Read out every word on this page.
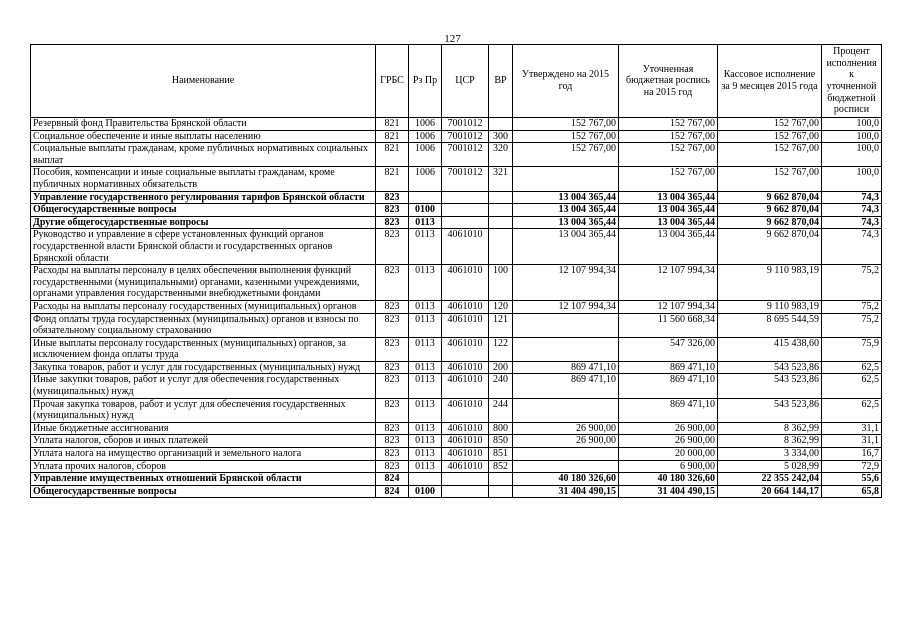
127
Наименование	ГРБС	Рз Пр	ЦСР	ВР	Утверждено на 2015 год	Уточненная бюджетная роспись на 2015 год	Кассовое исполнение за 9 месяцев 2015 года	Процент исполнения к уточненной бюджетной росписи
Резервный фонд Правительства Брянской области	821	1006	7001012		152 767,00	152 767,00	152 767,00	100,0
Социальное обеспечение и иные выплаты населению	821	1006	7001012	300	152 767,00	152 767,00	152 767,00	100,0
Социальные выплаты гражданам, кроме публичных нормативных социальных выплат	821	1006	7001012	320	152 767,00	152 767,00	152 767,00	100,0
Пособия, компенсации и иные социальные выплаты гражданам, кроме публичных нормативных обязательств	821	1006	7001012	321		152 767,00	152 767,00	100,0
Управление государственного регулирования тарифов Брянской области	823				13 004 365,44	13 004 365,44	9 662 870,04	74,3
Общегосударственные вопросы	823	0100			13 004 365,44	13 004 365,44	9 662 870,04	74,3
Другие общегосударственные вопросы	823	0113			13 004 365,44	13 004 365,44	9 662 870,04	74,3
Руководство и управление в сфере установленных функций органов государственной власти Брянской области и государственных органов Брянской области	823	0113	4061010		13 004 365,44	13 004 365,44	9 662 870,04	74,3
Расходы на выплаты персоналу в целях обеспечения выполнения функций государственными (муниципальными) органами, казенными учреждениями, органами управления государственными внебюджетными фондами	823	0113	4061010	100	12 107 994,34	12 107 994,34	9 110 983,19	75,2
Расходы на выплаты персоналу государственных (муниципальных) органов	823	0113	4061010	120	12 107 994,34	12 107 994,34	9 110 983,19	75,2
Фонд оплаты труда государственных (муниципальных) органов и взносы по обязательному социальному страхованию	823	0113	4061010	121		11 560 668,34	8 695 544,59	75,2
Иные выплаты персоналу государственных (муниципальных) органов, за исключением фонда оплаты труда	823	0113	4061010	122		547 326,00	415 438,60	75,9
Закупка товаров, работ и услуг для государственных (муниципальных) нужд	823	0113	4061010	200	869 471,10	869 471,10	543 523,86	62,5
Иные закупки товаров, работ и услуг для обеспечения государственных (муниципальных) нужд	823	0113	4061010	240	869 471,10	869 471,10	543 523,86	62,5
Прочая закупка товаров, работ и услуг для обеспечения государственных (муниципальных) нужд	823	0113	4061010	244		869 471,10	543 523,86	62,5
Иные бюджетные ассигнования	823	0113	4061010	800	26 900,00	26 900,00	8 362,99	31,1
Уплата налогов, сборов и иных платежей	823	0113	4061010	850	26 900,00	26 900,00	8 362,99	31,1
Уплата налога на имущество организаций и земельного налога	823	0113	4061010	851		20 000,00	3 334,00	16,7
Уплата прочих налогов, сборов	823	0113	4061010	852		6 900,00	5 028,99	72,9
Управление имущественных отношений Брянской области	824				40 180 326,60	40 180 326,60	22 355 242,04	55,6
Общегосударственные вопросы	824	0100			31 404 490,15	31 404 490,15	20 664 144,17	65,8
